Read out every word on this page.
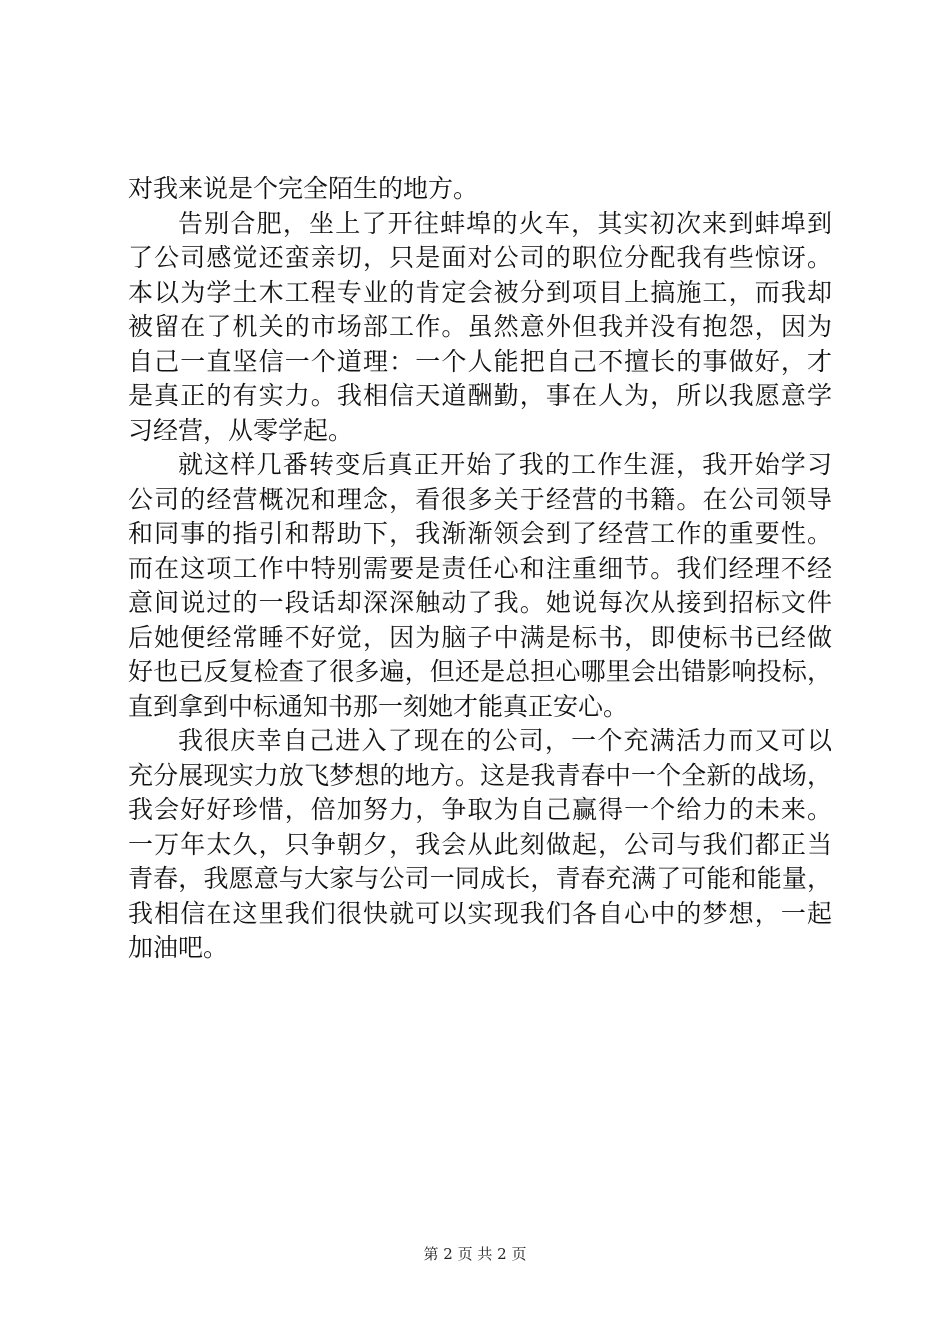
对我来说是个完全陌生的地方。
告别合肥，坐上了开往蚌埠的火车，其实初次来到蚌埠到
了公司感觉还蛮亲切，只是面对公司的职位分配我有些惊讶。
本以为学土木工程专业的肯定会被分到项目上搞施工，而我却
被留在了机关的市场部工作。虽然意外但我并没有抱怨，因为
自己一直坚信一个道理：一个人能把自己不擅长的事做好，才
是真正的有实力。我相信天道酬勤，事在人为，所以我愿意学
习经营，从零学起。
就这样几番转变后真正开始了我的工作生涯，我开始学习
公司的经营概况和理念，看很多关于经营的书籍。在公司领导
和同事的指引和帮助下，我渐渐领会到了经营工作的重要性。
而在这项工作中特别需要是责任心和注重细节。我们经理不经
意间说过的一段话却深深触动了我。她说每次从接到招标文件
后她便经常睡不好觉，因为脑子中满是标书，即使标书已经做
好也已反复检查了很多遍，但还是总担心哪里会出错影响投标，
直到拿到中标通知书那一刻她才能真正安心。
我很庆幸自己进入了现在的公司，一个充满活力而又可以
充分展现实力放飞梦想的地方。这是我青春中一个全新的战场，
我会好好珍惜，倍加努力，争取为自己赢得一个给力的未来。
一万年太久，只争朝夕，我会从此刻做起，公司与我们都正当
青春，我愿意与大家与公司一同成长，青春充满了可能和能量，
我相信在这里我们很快就可以实现我们各自心中的梦想，一起
加油吧。
第 2 页 共 2 页
